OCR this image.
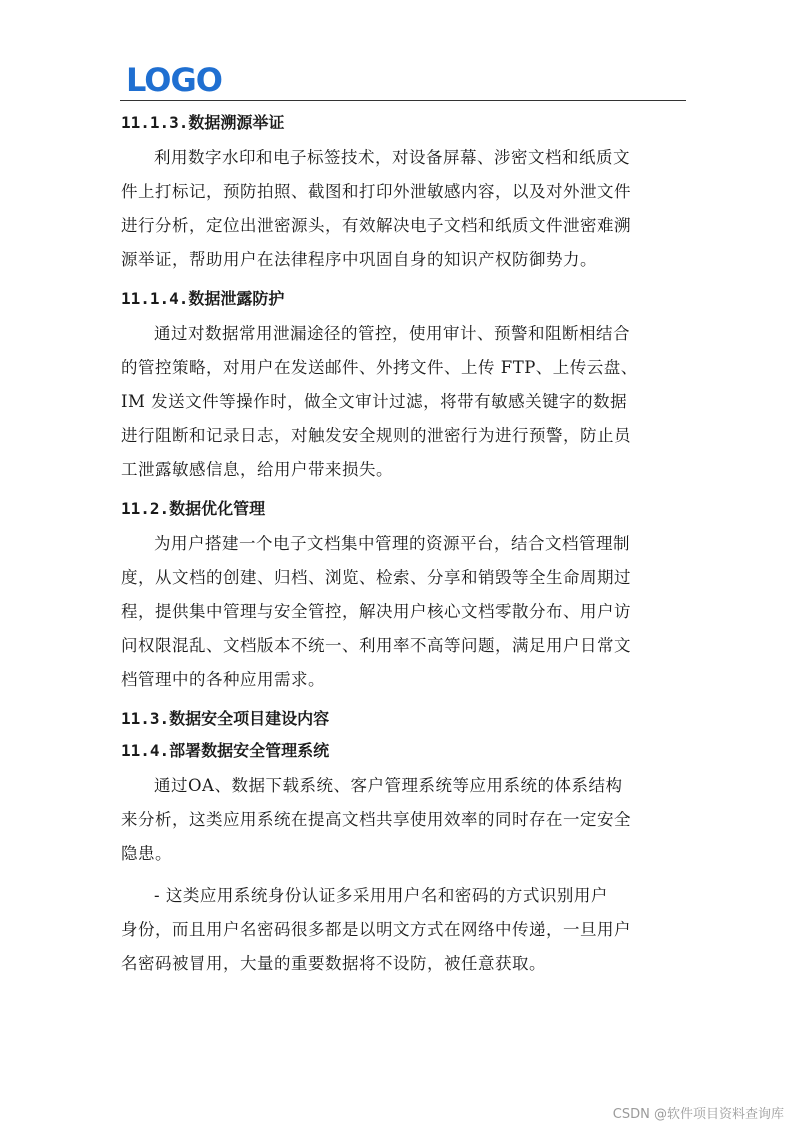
LOGO
11.1.3.数据溯源举证

利用数字水印和电子标签技术，对设备屏幕、涉密文档和纸质文
件上打标记，预防拍照、截图和打印外泄敏感内容，以及对外泄文件
进行分析，定位出泄密源头，有效解决电子文档和纸质文件泄密难溯
源举证，帮助用户在法律程序中巩固自身的知识产权防御势力。

11.1.4.数据泄露防护

通过对数据常用泄漏途径的管控，使用审计、预警和阻断相结合
的管控策略，对用户在发送邮件、外拷文件、上传 FTP、上传云盘、
IM 发送文件等操作时，做全文审计过滤，将带有敏感关键字的数据
进行阻断和记录日志，对触发安全规则的泄密行为进行预警，防止员
工泄露敏感信息，给用户带来损失。

11.2.数据优化管理

为用户搭建一个电子文档集中管理的资源平台，结合文档管理制
度，从文档的创建、归档、浏览、检索、分享和销毁等全生命周期过
程，提供集中管理与安全管控，解决用户核心文档零散分布、用户访
问权限混乱、文档版本不统一、利用率不高等问题，满足用户日常文
档管理中的各种应用需求。

11.3.数据安全项目建设内容
11.4.部署数据安全管理系统

通过OA、数据下载系统、客户管理系统等应用系统的体系结构
来分析，这类应用系统在提高文档共享使用效率的同时存在一定安全
隐患。

- 这类应用系统身份认证多采用用户名和密码的方式识别用户
身份，而且用户名密码很多都是以明文方式在网络中传递，一旦用户
名密码被冒用，大量的重要数据将不设防，被任意获取。

CSDN @软件项目资料查询库
